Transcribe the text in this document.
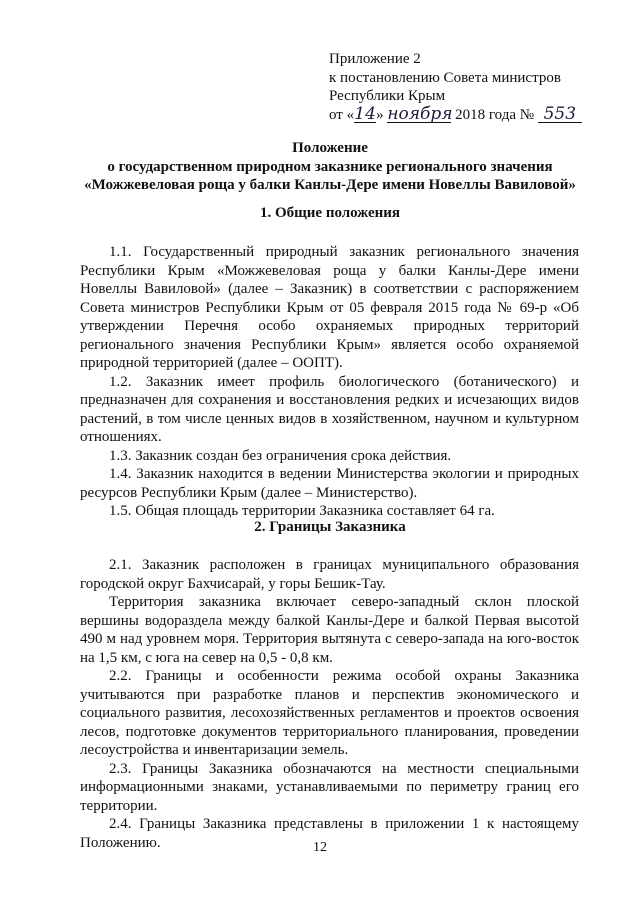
Приложение 2
к постановлению Совета министров
Республики Крым
от «14» ноября 2018 года № 553
Положение
о государственном природном заказнике регионального значения
«Можжевеловая роща у балки Канлы-Дере имени Новеллы Вавиловой»
1. Общие положения

1.1. Государственный природный заказник регионального значения Республики Крым «Можжевеловая роща у балки Канлы-Дере имени Новеллы Вавиловой» (далее – Заказник) в соответствии с распоряжением Совета министров Республики Крым от 05 февраля 2015 года № 69-р «Об утверждении Перечня особо охраняемых природных территорий регионального значения Республики Крым» является особо охраняемой природной территорией (далее – ООПТ).

1.2. Заказник имеет профиль биологического (ботанического) и предназначен для сохранения и восстановления редких и исчезающих видов растений, в том числе ценных видов в хозяйственном, научном и культурном отношениях.

1.3. Заказник создан без ограничения срока действия.

1.4. Заказник находится в ведении Министерства экологии и природных ресурсов Республики Крым (далее – Министерство).

1.5. Общая площадь территории Заказника составляет 64 га.

2. Границы Заказника

2.1. Заказник расположен в границах муниципального образования городской округ Бахчисарай, у горы Бешик-Тау.

Территория заказника включает северо-западный склон плоской вершины водораздела между балкой Канлы-Дере и балкой Первая высотой 490 м над уровнем моря. Территория вытянута с северо-запада на юго-восток на 1,5 км, с юга на север на 0,5 - 0,8 км.

2.2. Границы и особенности режима особой охраны Заказника учитываются при разработке планов и перспектив экономического и социального развития, лесохозяйственных регламентов и проектов освоения лесов, подготовке документов территориального планирования, проведении лесоустройства и инвентаризации земель.

2.3. Границы Заказника обозначаются на местности специальными информационными знаками, устанавливаемыми по периметру границ его территории.

2.4. Границы Заказника представлены в приложении 1 к настоящему Положению.	12
